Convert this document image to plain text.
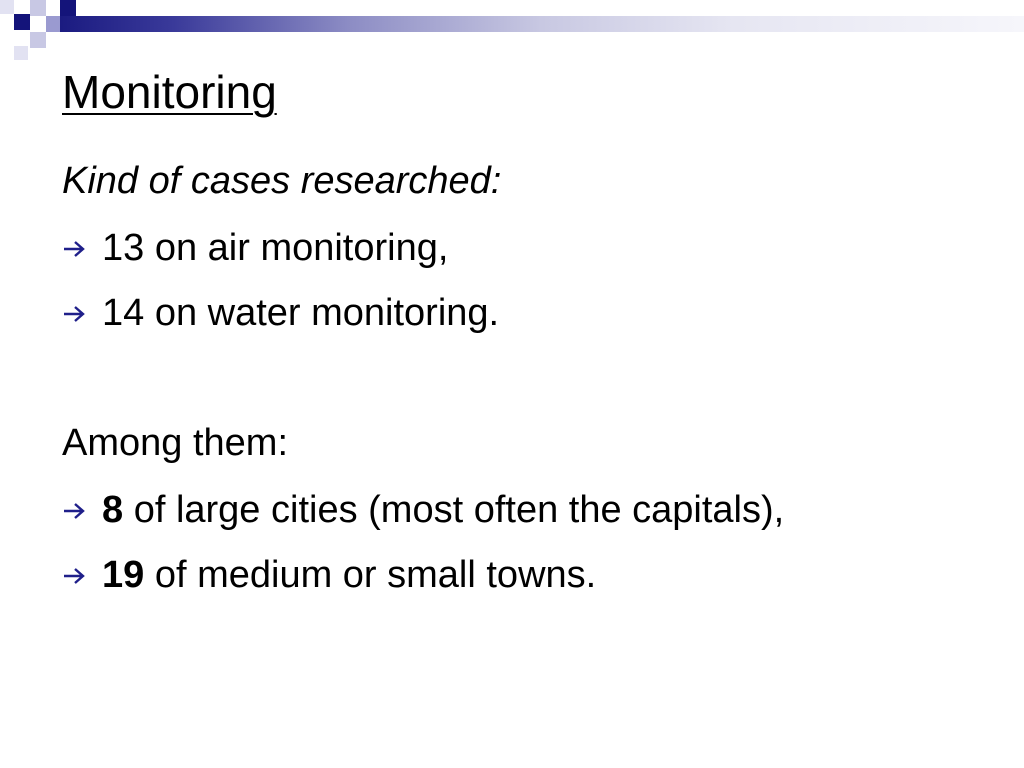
Monitoring
Kind of cases researched:
13 on air monitoring,
14 on water monitoring.
Among them:
8 of large cities (most often the capitals),
19 of medium or small towns.
